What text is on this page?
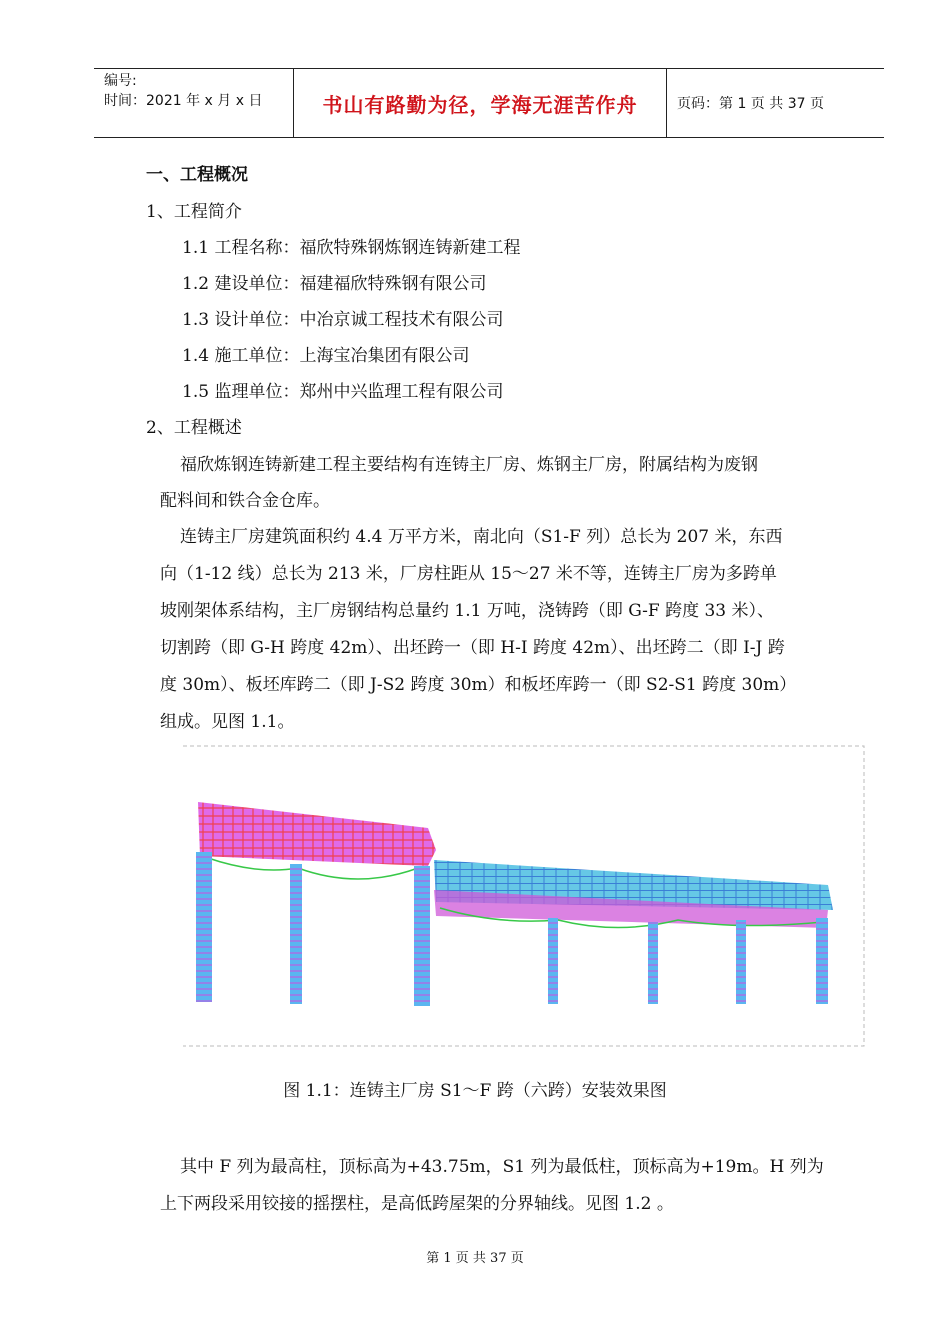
编号:
时间：2021 年 x 月 x 日	书山有路勤为径，学海无涯苦作舟	页码：第 1 页 共 37 页
一、工程概况
1、工程简介
1.1 工程名称：福欣特殊钢炼钢连铸新建工程
1.2 建设单位：福建福欣特殊钢有限公司
1.3 设计单位：中冶京诚工程技术有限公司
1.4 施工单位：上海宝冶集团有限公司
1.5 监理单位：郑州中兴监理工程有限公司
2、工程概述
福欣炼钢连铸新建工程主要结构有连铸主厂房、炼钢主厂房，附属结构为废钢
配料间和铁合金仓库。
连铸主厂房建筑面积约 4.4 万平方米，南北向（S1-F 列）总长为 207 米，东西
向（1-12 线）总长为 213 米，厂房柱距从 15～27 米不等，连铸主厂房为多跨单
坡刚架体系结构，主厂房钢结构总量约 1.1 万吨，浇铸跨（即 G-F 跨度 33 米）、
切割跨（即 G-H 跨度 42m）、出坯跨一（即 H-I 跨度 42m）、出坯跨二（即 I-J 跨
度 30m）、板坯库跨二（即 J-S2 跨度 30m）和板坯库跨一（即 S2-S1 跨度 30m）
组成。见图 1.1。
图 1.1：连铸主厂房 S1～F 跨（六跨）安装效果图
其中 F 列为最高柱，顶标高为+43.75m，S1 列为最低柱，顶标高为+19m。H 列为
上下两段采用铰接的摇摆柱，是高低跨屋架的分界轴线。见图 1.2 。
第 1 页 共 37 页
